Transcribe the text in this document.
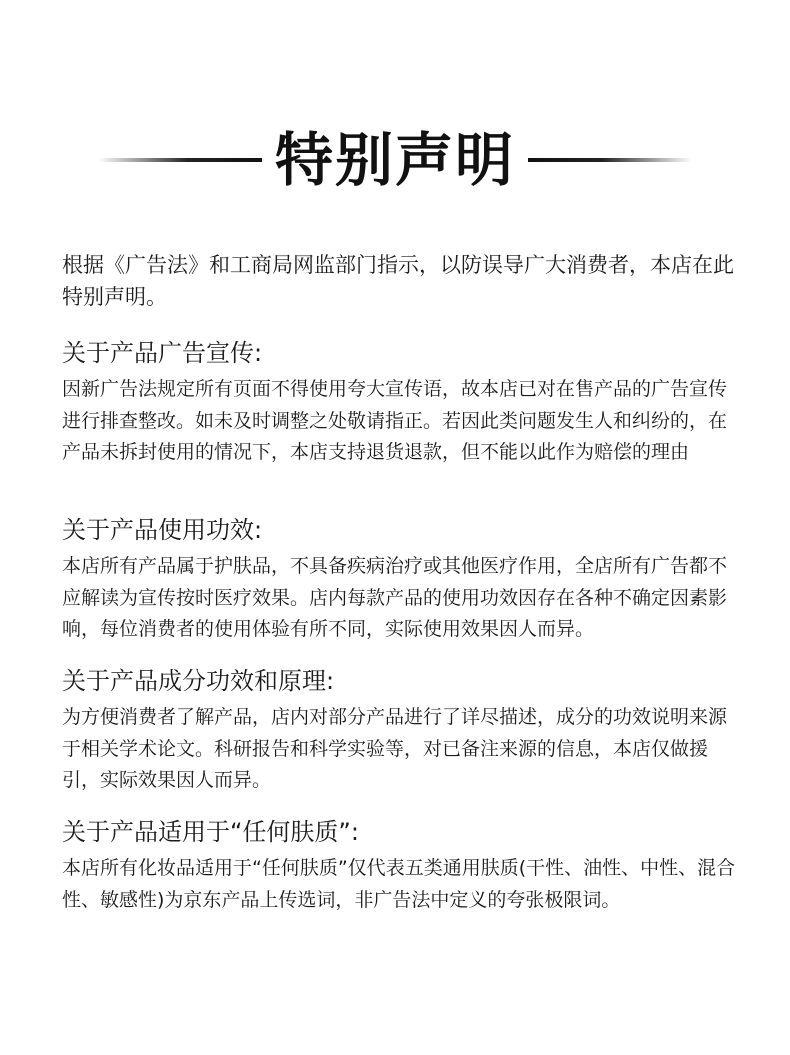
特别声明

根据《广告法》和工商局网监部门指示，以防误导广大消费者，本店在此特别声明。

关于产品广告宣传:

因新广告法规定所有页面不得使用夸大宣传语，故本店已对在售产品的广告宣传进行排查整改。如未及时调整之处敬请指正。若因此类问题发生人和纠纷的，在产品未拆封使用的情况下，本店支持退货退款，但不能以此作为赔偿的理由

关于产品使用功效:

本店所有产品属于护肤品，不具备疾病治疗或其他医疗作用，全店所有广告都不应解读为宣传按时医疗效果。店内每款产品的使用功效因存在各种不确定因素影响，每位消费者的使用体验有所不同，实际使用效果因人而异。

关于产品成分功效和原理:

为方便消费者了解产品，店内对部分产品进行了详尽描述，成分的功效说明来源于相关学术论文。科研报告和科学实验等，对已备注来源的信息，本店仅做援引，实际效果因人而异。

关于产品适用于“任何肤质”:

本店所有化妆品适用于“任何肤质”仅代表五类通用肤质(干性、油性、中性、混合性、敏感性)为京东产品上传选词，非广告法中定义的夸张极限词。
